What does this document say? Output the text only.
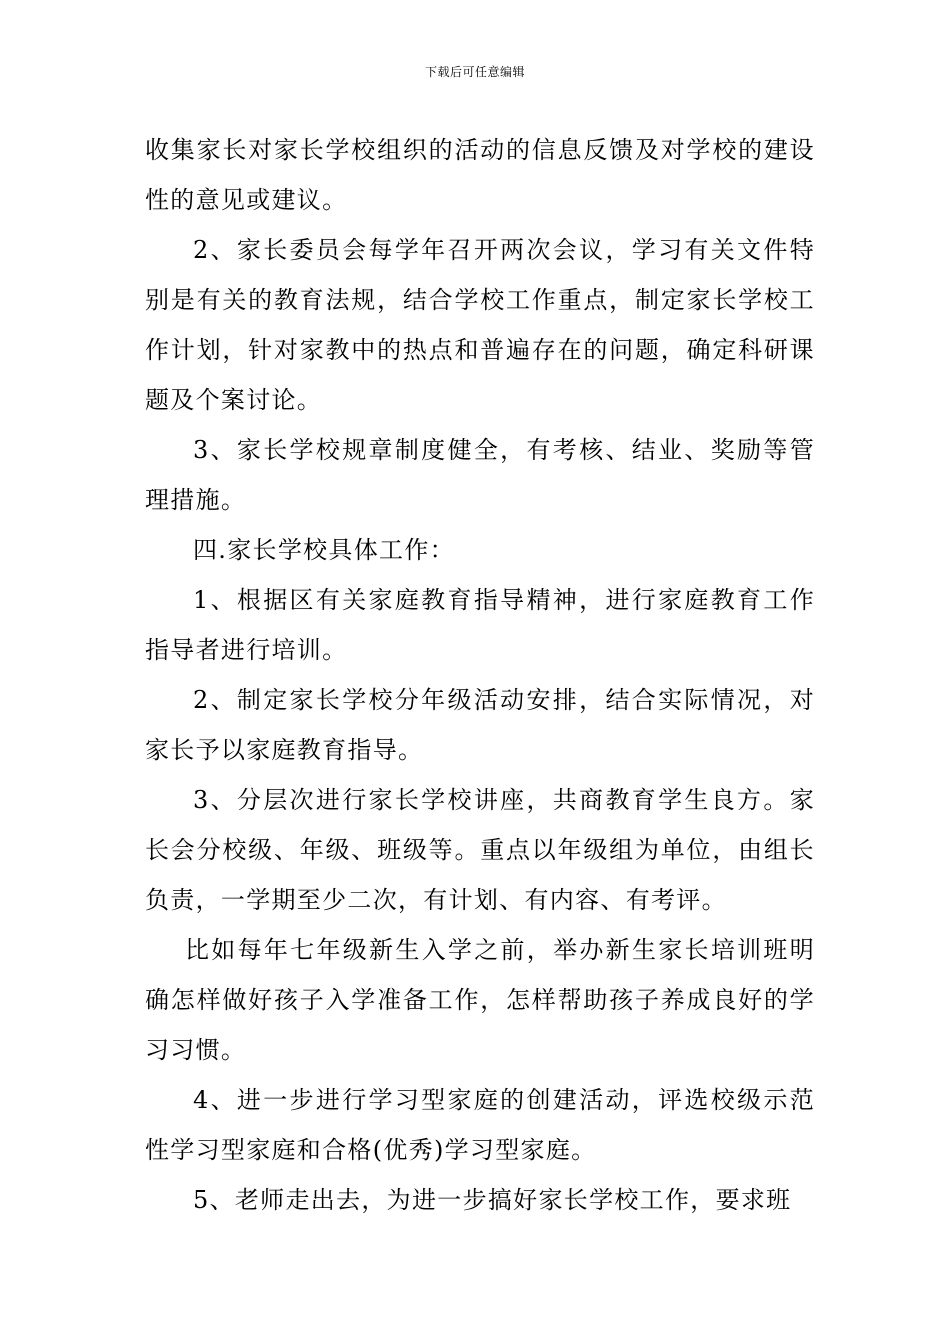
下载后可任意编辑

收集家长对家长学校组织的活动的信息反馈及对学校的建设性的意见或建议。

2、家长委员会每学年召开两次会议，学习有关文件特别是有关的教育法规，结合学校工作重点，制定家长学校工作计划，针对家教中的热点和普遍存在的问题，确定科研课题及个案讨论。

3、家长学校规章制度健全，有考核、结业、奖励等管理措施。

四.家长学校具体工作：

1、根据区有关家庭教育指导精神，进行家庭教育工作指导者进行培训。

2、制定家长学校分年级活动安排，结合实际情况，对家长予以家庭教育指导。

3、分层次进行家长学校讲座，共商教育学生良方。家长会分校级、年级、班级等。重点以年级组为单位，由组长负责，一学期至少二次，有计划、有内容、有考评。

比如每年七年级新生入学之前，举办新生家长培训班明确怎样做好孩子入学准备工作，怎样帮助孩子养成良好的学习习惯。

4、进一步进行学习型家庭的创建活动，评选校级示范性学习型家庭和合格(优秀)学习型家庭。

5、老师走出去，为进一步搞好家长学校工作，要求班
